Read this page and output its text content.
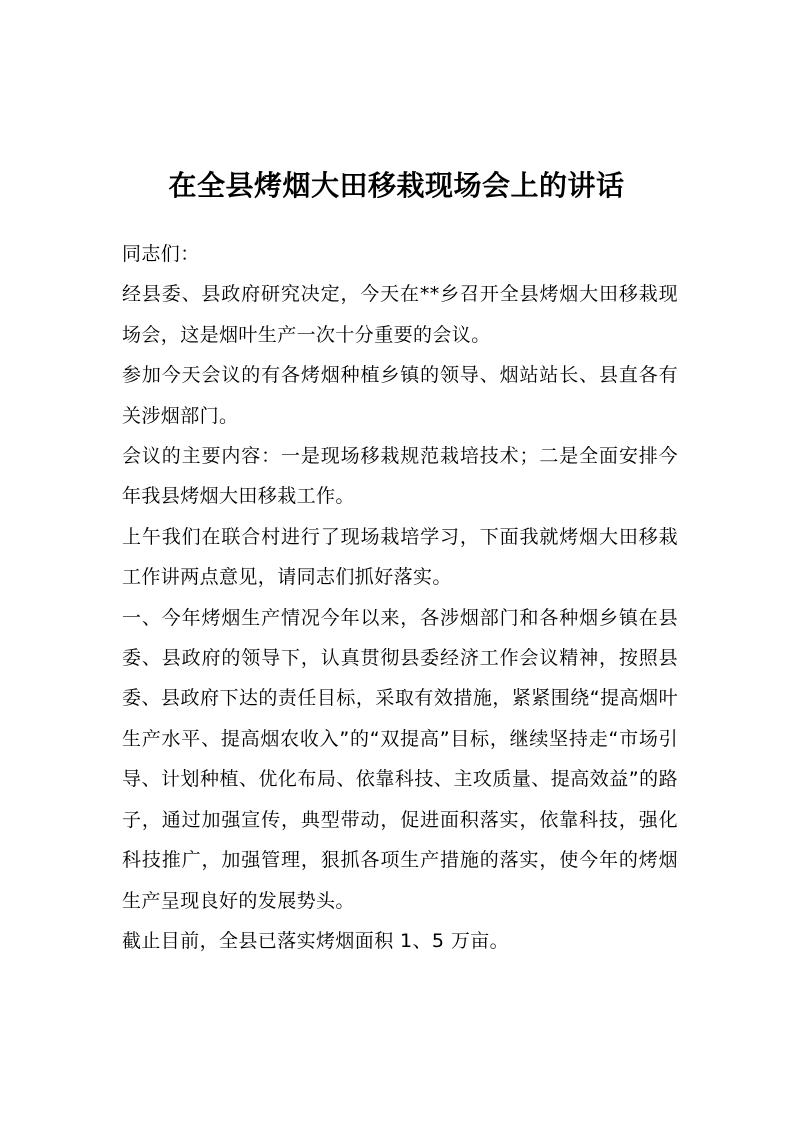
在全县烤烟大田移栽现场会上的讲话

同志们：

经县委、县政府研究决定，今天在**乡召开全县烤烟大田移栽现场会，这是烟叶生产一次十分重要的会议。

参加今天会议的有各烤烟种植乡镇的领导、烟站站长、县直各有关涉烟部门。

会议的主要内容：一是现场移栽规范栽培技术；二是全面安排今年我县烤烟大田移栽工作。

上午我们在联合村进行了现场栽培学习，下面我就烤烟大田移栽工作讲两点意见，请同志们抓好落实。

一、今年烤烟生产情况今年以来，各涉烟部门和各种烟乡镇在县委、县政府的领导下，认真贯彻县委经济工作会议精神，按照县委、县政府下达的责任目标，采取有效措施，紧紧围绕“提高烟叶生产水平、提高烟农收入”的“双提高”目标，继续坚持走“市场引导、计划种植、优化布局、依靠科技、主攻质量、提高效益”的路子，通过加强宣传，典型带动，促进面积落实，依靠科技，强化科技推广，加强管理，狠抓各项生产措施的落实，使今年的烤烟生产呈现良好的发展势头。

截止目前，全县已落实烤烟面积 1、5 万亩。
